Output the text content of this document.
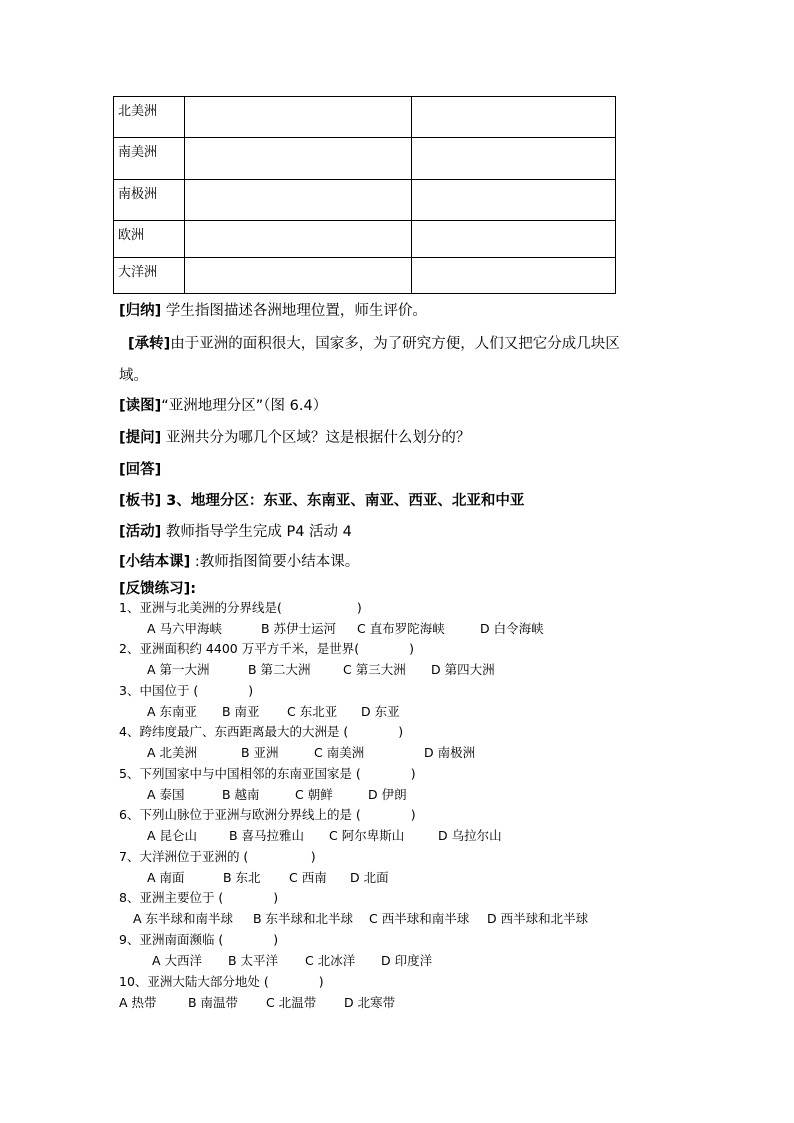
北美洲		
南美洲		
南极洲		
欧洲		
大洋洲		
[归纳] 学生指图描述各洲地理位置，师生评价。
[承转]由于亚洲的面积很大，国家多，为了研究方便，人们又把它分成几块区
域。
[读图]“亚洲地理分区”（图 6.4）
[提问] 亚洲共分为哪几个区域？这是根据什么划分的？
[回答]
[板书] 3、地理分区：东亚、东南亚、南亚、西亚、北亚和中亚
[活动] 教师指导学生完成 P4 活动 4
[小结本课] :教师指图简要小结本课。
[反馈练习]:
1、亚洲与北美洲的分界线是(　　　　　　)
A 马六甲海峡	B 苏伊士运河 C 直布罗陀海峡	D 白令海峡
2、亚洲面积约 4400 万平方千米，是世界(　　　　)
A 第一大洲	B 第二大洲	C 第三大洲 D 第四大洲
3、中国位于 (　　　　)
A 东南亚 B 南亚 C 东北亚 D 东亚
4、跨纬度最广、东西距离最大的大洲是 (　　　　)
A 北美洲	B 亚洲	C 南美洲	D 南极洲
5、下列国家中与中国相邻的东南亚国家是 (　　　　)
A 泰国	B 越南	C 朝鲜	D 伊朗
6、下列山脉位于亚洲与欧洲分界线上的是 (　　　　)
A 昆仑山	B 喜马拉雅山 C 阿尔卑斯山	D 乌拉尔山
7、大洋洲位于亚洲的 (　　　　　)
A 南面	B 东北 C 西南 D 北面
8、亚洲主要位于 (　　　　)
A 东半球和南半球 B 东半球和北半球 C 西半球和南半球 D 西半球和北半球
9、亚洲南面濒临 (　　　　)
A 大西洋 B 太平洋 C 北冰洋 D 印度洋
10、亚洲大陆大部分地处 (　　　　)
A 热带	B 南温带 C 北温带 D 北寒带
